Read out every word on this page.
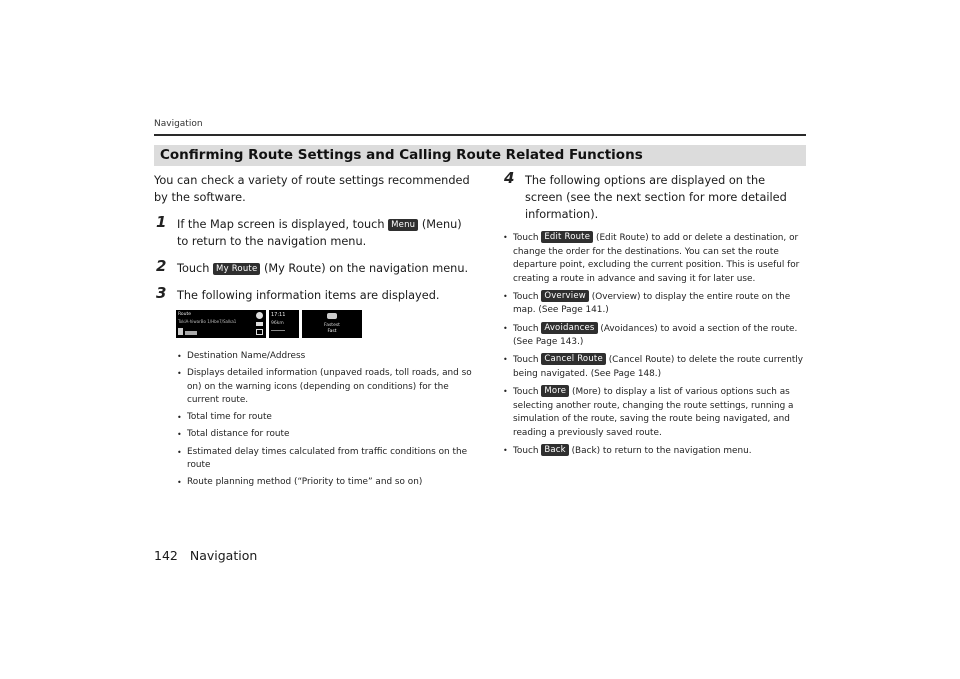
Navigation
Confirming Route Settings and Calling Route Related Functions

You can check a variety of route settings recommended by the software.

1 If the Map screen is displayed, touch Menu (Menu) to return to the navigation menu.
2 Touch My Route (My Route) on the navigation menu.
3 The following information items are displayed.
Route
TokiA-hiwarBo 1/Hbe7/Salka1
17:11
96km	Fastest
Fast
• Destination Name/Address
• Displays detailed information (unpaved roads, toll roads, and so on) on the warning icons (depending on conditions) for the current route.
• Total time for route
• Total distance for route
• Estimated delay times calculated from traffic conditions on the route
• Route planning method (“Priority to time” and so on)
4 The following options are displayed on the screen (see the next section for more detailed information).
• Touch Edit Route (Edit Route) to add or delete a destination, or change the order for the destinations. You can set the route departure point, excluding the current position. This is useful for creating a route in advance and saving it for later use.
• Touch Overview (Overview) to display the entire route on the map. (See Page 141.)
• Touch Avoidances (Avoidances) to avoid a section of the route. (See Page 143.)
• Touch Cancel Route (Cancel Route) to delete the route currently being navigated. (See Page 148.)
• Touch More (More) to display a list of various options such as selecting another route, changing the route settings, running a simulation of the route, saving the route being navigated, and reading a previously saved route.
• Touch Back (Back) to return to the navigation menu.
142 Navigation
